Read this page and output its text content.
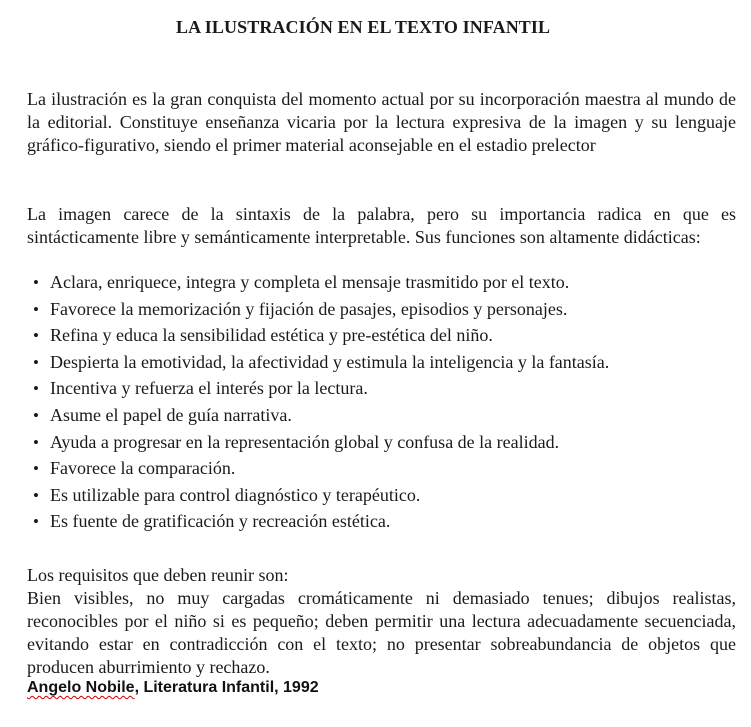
LA ILUSTRACIÓN EN EL TEXTO INFANTIL

La ilustración es la gran conquista del momento actual por su incorporación maestra al mundo de la editorial. Constituye enseñanza vicaria por la lectura expresiva de la imagen y su lenguaje gráfico-figurativo, siendo el primer material aconsejable en el estadio prelector

La imagen carece de la sintaxis de la palabra, pero su importancia radica en que es sintácticamente libre y semánticamente interpretable. Sus funciones son altamente didácticas:

• Aclara, enriquece, integra y completa el mensaje trasmitido por el texto.
• Favorece la memorización y fijación de pasajes, episodios y personajes.
• Refina y educa la sensibilidad estética y pre-estética del niño.
• Despierta la emotividad, la afectividad y estimula la inteligencia y la fantasía.
• Incentiva y refuerza el interés por la lectura.
• Asume el papel de guía narrativa.
• Ayuda a progresar en la representación global y confusa de la realidad.
• Favorece la comparación.
• Es utilizable para control diagnóstico y terapéutico.
• Es fuente de gratificación y recreación estética.

Los requisitos que deben reunir son:

Bien visibles, no muy cargadas cromáticamente ni demasiado tenues; dibujos realistas, reconocibles por el niño si es pequeño; deben permitir una lectura adecuadamente secuenciada, evitando estar en contradicción con el texto; no presentar sobreabundancia de objetos que producen aburrimiento y rechazo.

Angelo Nobile, Literatura Infantil, 1992
